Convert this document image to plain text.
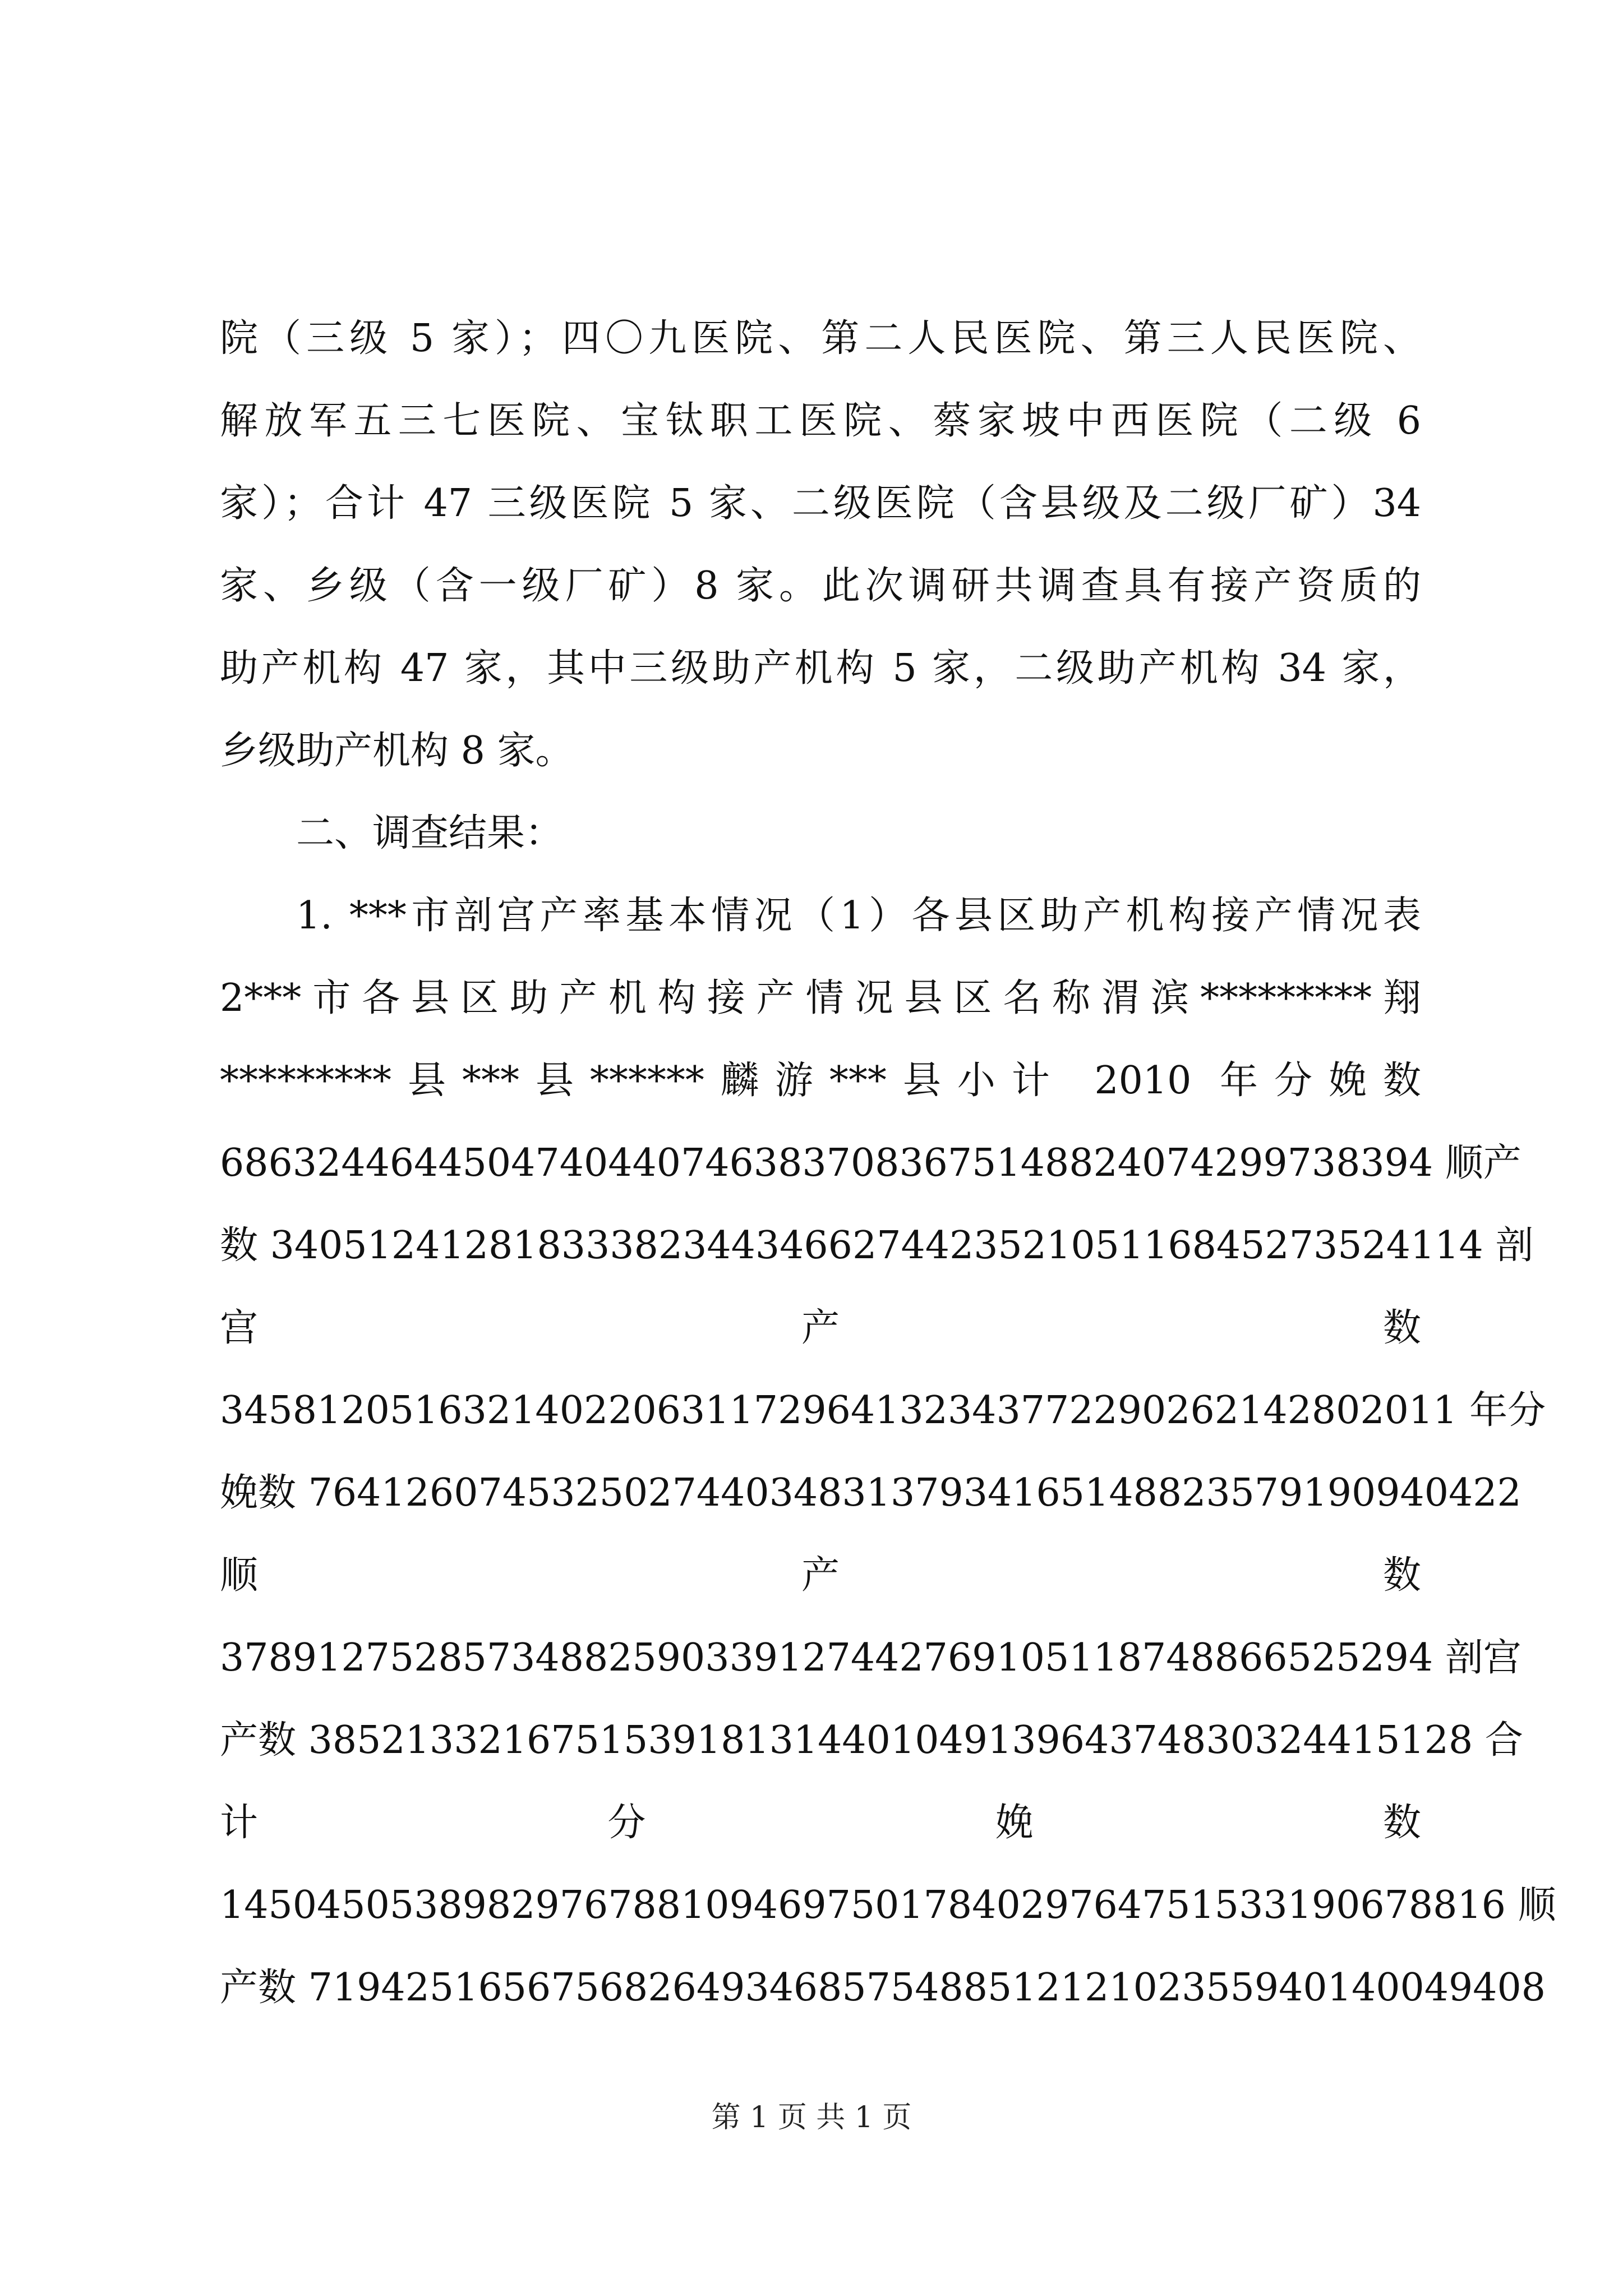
院（三级 5 家）；四〇九医院、第二人民医院、第三人民医院、
解放军五三七医院、宝钛职工医院、蔡家坡中西医院（二级 6
家）；合计 47 三级医院 5 家、二级医院（含县级及二级厂矿）34
家、乡级（含一级厂矿）8 家。此次调研共调查具有接产资质的
助产机构 47 家，其中三级助产机构 5 家，二级助产机构 34 家，
乡级助产机构 8 家。
二、调查结果：
1. ***市剖宫产率基本情况（1）各县区助产机构接产情况表
2***市各县区助产机构接产情况县区名称渭滨*********翔
*********县***县******麟游***县小计 2010 年分娩数
6863244644504740440746383708367514882407429973839​4 顺产
数 340512412818333823443466274423521051168452735241​14 剖
宫 产 数
345812051632140220631172964132343772290262142802011 年分
娩数 76412607453250274403483137934165148823579190940422
顺 产 数
378912752857348825903391274427691051187488665252​94 剖宫
产数 38521332167515391813144010491396437483032441512​8 合
计 分 娩 数
1450450538982976788109469750178402976475153319067881​6 顺
产数 71942516567568264934685754885121210235594014004940​8
第 1 页 共 1 页
